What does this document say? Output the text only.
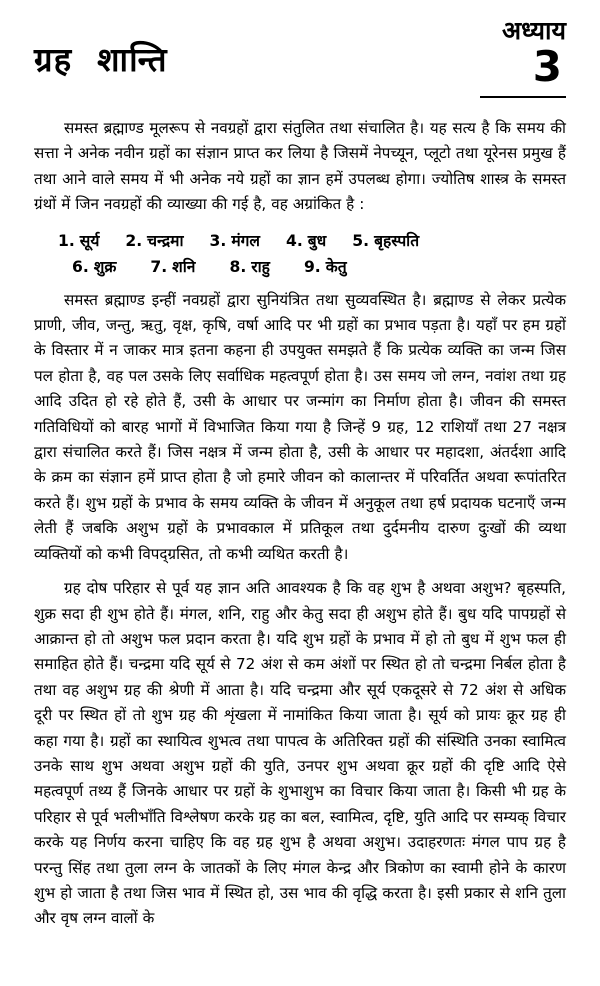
ग्रह  शान्ति
अध्याय
3

समस्त ब्रह्माण्ड मूलरूप से नवग्रहों द्वारा संतुलित तथा संचालित है। यह सत्य है कि समय की सत्ता ने अनेक नवीन ग्रहों का संज्ञान प्राप्त कर लिया है जिसमें नेपच्यून, प्लूटो तथा यूरेनस प्रमुख हैं तथा आने वाले समय में भी अनेक नये ग्रहों का ज्ञान हमें उपलब्ध होगा। ज्योतिष शास्त्र के समस्त ग्रंथों में जिन नवग्रहों की व्याख्या की गई है, वह अग्रांकित है :

1. सूर्य 2. चन्द्रमा 3. मंगल 4. बुध 5. बृहस्पति
6. शुक्र 7. शनि 8. राहु 9. केतु

समस्त ब्रह्माण्ड इन्हीं नवग्रहों द्वारा सुनियंत्रित तथा सुव्यवस्थित है। ब्रह्माण्ड से लेकर प्रत्येक प्राणी, जीव, जन्तु, ऋतु, वृक्ष, कृषि, वर्षा आदि पर भी ग्रहों का प्रभाव पड़ता है। यहाँ पर हम ग्रहों के विस्तार में न जाकर मात्र इतना कहना ही उपयुक्त समझते हैं कि प्रत्येक व्यक्ति का जन्म जिस पल होता है, वह पल उसके लिए सर्वाधिक महत्वपूर्ण होता है। उस समय जो लग्न, नवांश तथा ग्रह आदि उदित हो रहे होते हैं, उसी के आधार पर जन्मांग का निर्माण होता है। जीवन की समस्त गतिविधियों को बारह भागों में विभाजित किया गया है जिन्हें 9 ग्रह, 12 राशियाँ तथा 27 नक्षत्र द्वारा संचालित करते हैं। जिस नक्षत्र में जन्म होता है, उसी के आधार पर महादशा, अंतर्दशा आदि के क्रम का संज्ञान हमें प्राप्त होता है जो हमारे जीवन को कालान्तर में परिवर्तित अथवा रूपांतरित करते हैं। शुभ ग्रहों के प्रभाव के समय व्यक्ति के जीवन में अनुकूल तथा हर्ष प्रदायक घटनाएँ जन्म लेती हैं जबकि अशुभ ग्रहों के प्रभावकाल में प्रतिकूल तथा दुर्दमनीय दारुण दुःखों की व्यथा व्यक्तियों को कभी विपद्ग्रसित, तो कभी व्यथित करती है।

ग्रह दोष परिहार से पूर्व यह ज्ञान अति आवश्यक है कि वह शुभ है अथवा अशुभ? बृहस्पति, शुक्र सदा ही शुभ होते हैं। मंगल, शनि, राहु और केतु सदा ही अशुभ होते हैं। बुध यदि पापग्रहों से आक्रान्त हो तो अशुभ फल प्रदान करता है। यदि शुभ ग्रहों के प्रभाव में हो तो बुध में शुभ फल ही समाहित होते हैं। चन्द्रमा यदि सूर्य से 72 अंश से कम अंशों पर स्थित हो तो चन्द्रमा निर्बल होता है तथा वह अशुभ ग्रह की श्रेणी में आता है। यदि चन्द्रमा और सूर्य एकदूसरे से 72 अंश से अधिक दूरी पर स्थित हों तो शुभ ग्रह की शृंखला में नामांकित किया जाता है। सूर्य को प्रायः क्रूर ग्रह ही कहा गया है। ग्रहों का स्थायित्व शुभत्व तथा पापत्व के अतिरिक्त ग्रहों की संस्थिति उनका स्वामित्व उनके साथ शुभ अथवा अशुभ ग्रहों की युति, उनपर शुभ अथवा क्रूर ग्रहों की दृष्टि आदि ऐसे महत्वपूर्ण तथ्य हैं जिनके आधार पर ग्रहों के शुभाशुभ का विचार किया जाता है। किसी भी ग्रह के परिहार से पूर्व भलीभाँति विश्लेषण करके ग्रह का बल, स्वामित्व, दृष्टि, युति आदि पर सम्यक् विचार करके यह निर्णय करना चाहिए कि वह ग्रह शुभ है अथवा अशुभ। उदाहरणतः मंगल पाप ग्रह है परन्तु सिंह तथा तुला लग्न के जातकों के लिए मंगल केन्द्र और त्रिकोण का स्वामी होने के कारण शुभ हो जाता है तथा जिस भाव में स्थित हो, उस भाव की वृद्धि करता है। इसी प्रकार से शनि तुला और वृष लग्न वालों के
